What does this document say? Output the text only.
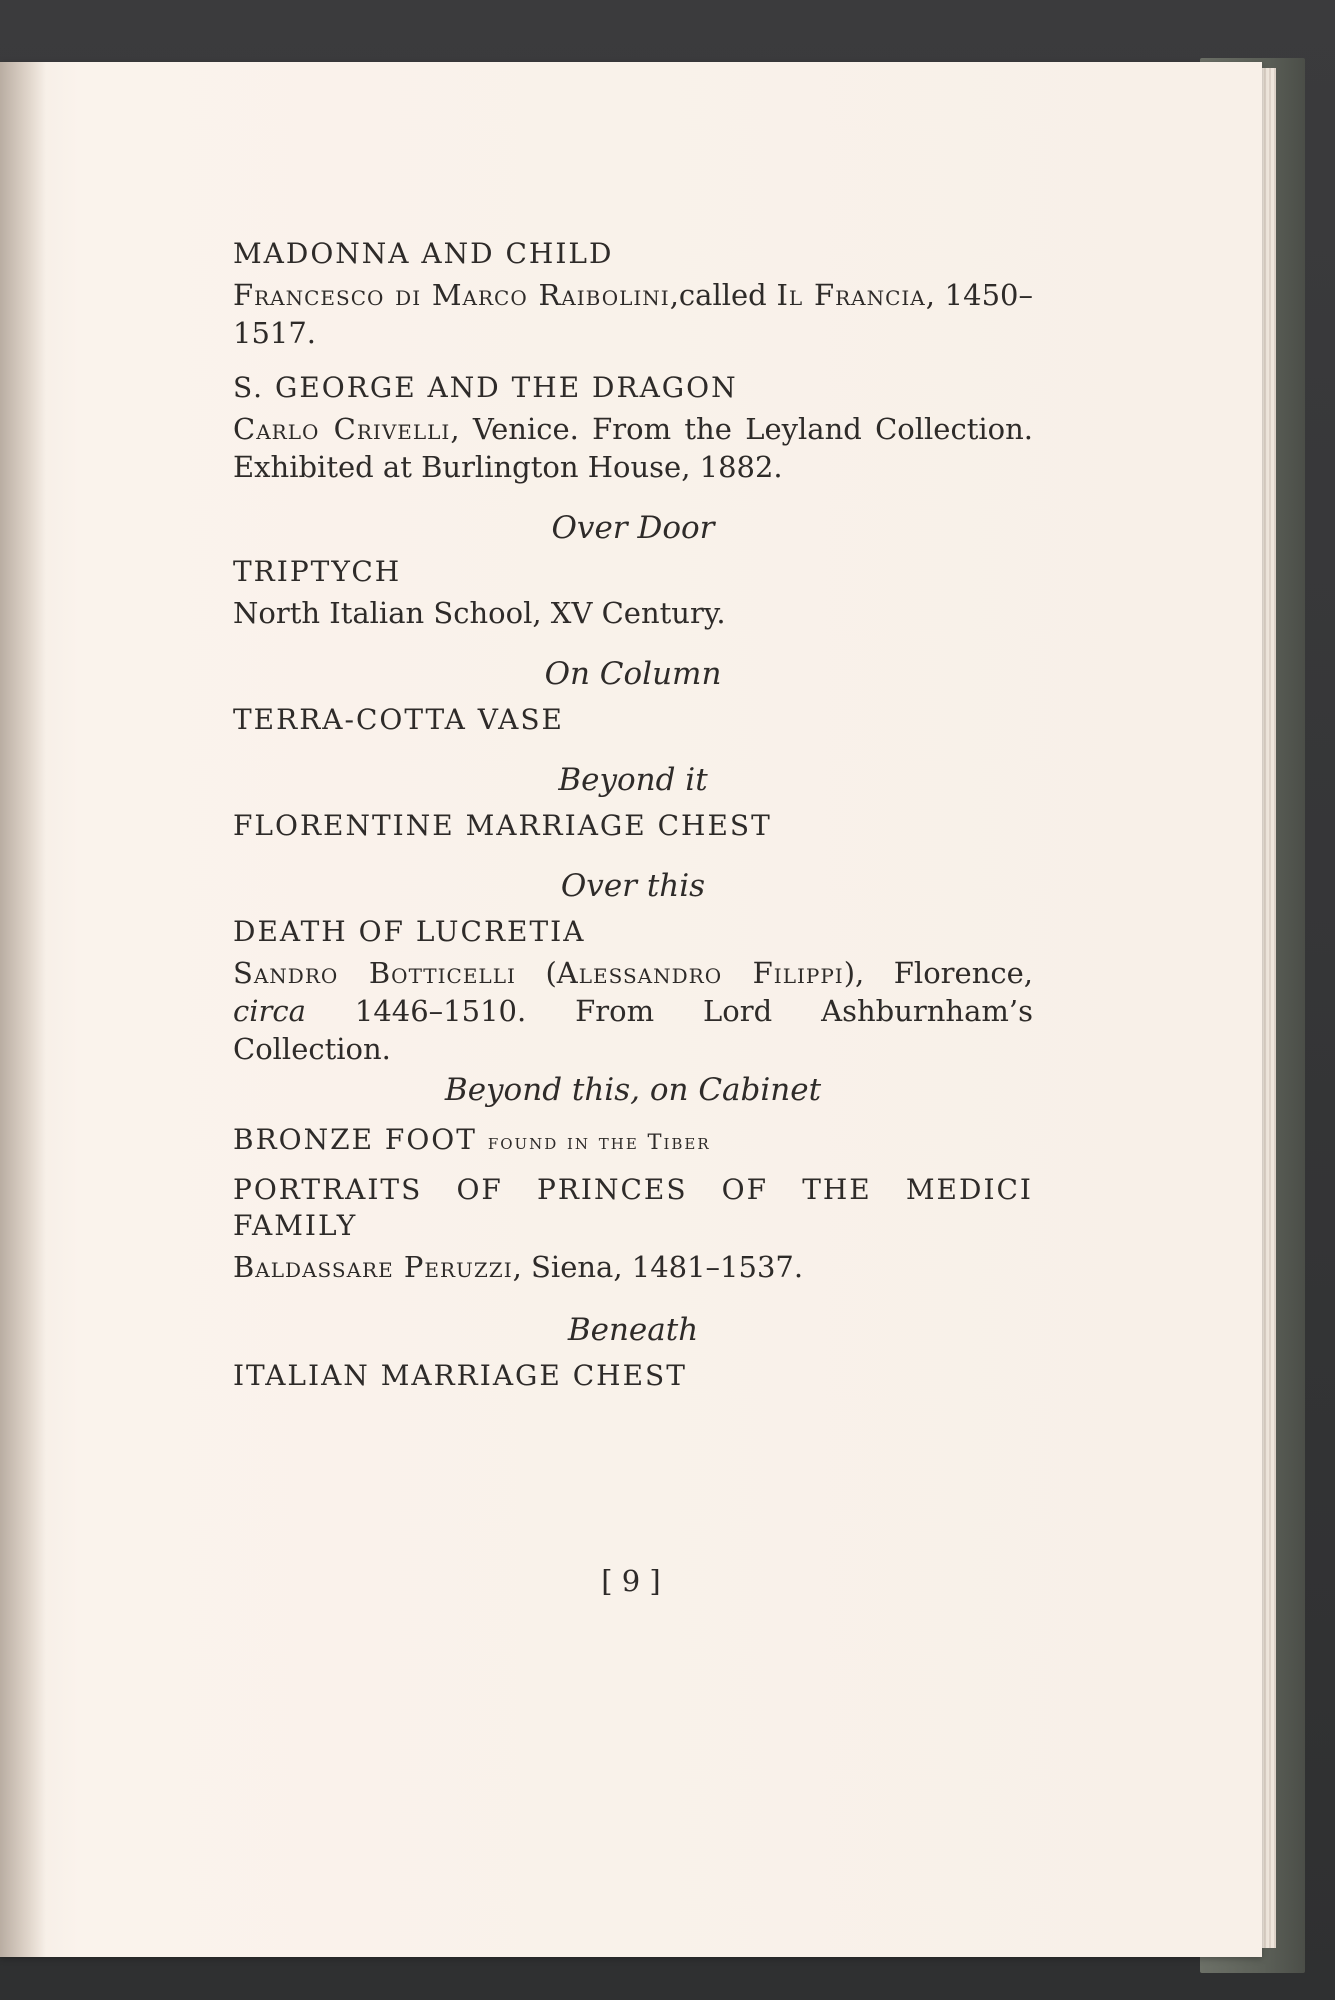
MADONNA AND CHILD

Francesco di Marco Raibolini,called Il Francia, 1450–1517.

S. GEORGE AND THE DRAGON

Carlo Crivelli, Venice. From the Leyland Collection. Exhibited at Burlington House, 1882.

Over Door

TRIPTYCH

North Italian School, XV Century.

On Column

TERRA-COTTA VASE

Beyond it

FLORENTINE MARRIAGE CHEST

Over this

DEATH OF LUCRETIA

Sandro Botticelli (Alessandro Filippi), Florence, circa 1446–1510. From Lord Ashburnham’s Collection.

Beyond this, on Cabinet

BRONZE FOOT found in the Tiber

PORTRAITS OF PRINCES OF THE MEDICI FAMILY

Baldassare Peruzzi, Siena, 1481–1537.

Beneath

ITALIAN MARRIAGE CHEST

[ 9 ]
